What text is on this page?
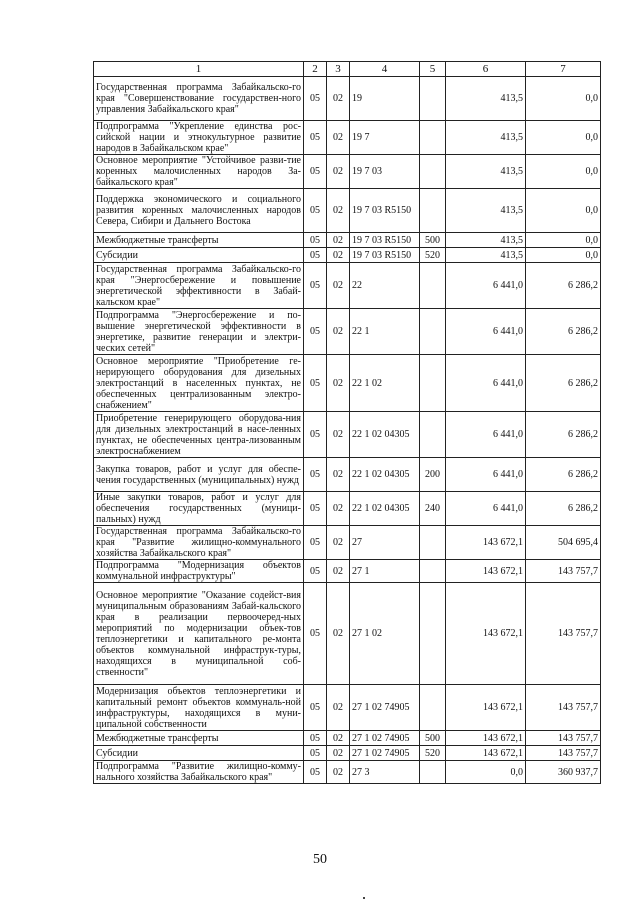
1	2	3	4	5	6	7
Государственная программа Забайкальско-го края "Совершенствование государствен-ного управления Забайкальского края"	05	02	19		413,5	0,0
Подпрограмма "Укрепление единства рос-сийской нации и этнокультурное развитие народов в Забайкальском крае"	05	02	19 7		413,5	0,0
Основное мероприятие "Устойчивое разви-тие коренных малочисленных народов За-байкальского края"	05	02	19 7 03		413,5	0,0
Поддержка экономического и социального развития коренных малочисленных народов Севера, Сибири и Дальнего Востока	05	02	19 7 03 R5150		413,5	0,0
Межбюджетные трансферты	05	02	19 7 03 R5150	500	413,5	0,0
Субсидии	05	02	19 7 03 R5150	520	413,5	0,0
Государственная программа Забайкальско-го края "Энергосбережение и повышение энергетической эффективности в Забай-кальском крае"	05	02	22		6 441,0	6 286,2
Подпрограмма "Энергосбережение и по-вышение энергетической эффективности в энергетике, развитие генерации и электри-ческих сетей"	05	02	22 1		6 441,0	6 286,2
Основное мероприятие "Приобретение ге-нерирующего оборудования для дизельных электростанций в населенных пунктах, не обеспеченных централизованным электро-снабжением"	05	02	22 1 02		6 441,0	6 286,2
Приобретение генерирующего оборудова-ния для дизельных электростанций в насе-ленных пунктах, не обеспеченных центра-лизованным электроснабжением	05	02	22 1 02 04305		6 441,0	6 286,2
Закупка товаров, работ и услуг для обеспе-чения государственных (муниципальных) нужд	05	02	22 1 02 04305	200	6 441,0	6 286,2
Иные закупки товаров, работ и услуг для обеспечения государственных (муници-пальных) нужд	05	02	22 1 02 04305	240	6 441,0	6 286,2
Государственная программа Забайкальско-го края "Развитие жилищно-коммунального хозяйства Забайкальского края"	05	02	27		143 672,1	504 695,4
Подпрограмма "Модернизация объектов коммунальной инфраструктуры"	05	02	27 1		143 672,1	143 757,7
Основное мероприятие "Оказание содейст-вия муниципальным образованиям Забай-кальского края в реализации первоочеред-ных мероприятий по модернизации объек-тов теплоэнергетики и капитального ре-монта объектов коммунальной инфраструк-туры, находящихся в муниципальной соб-ственности"	05	02	27 1 02		143 672,1	143 757,7
Модернизация объектов теплоэнергетики и капитальный ремонт объектов коммуналь-ной инфраструктуры, находящихся в муни-ципальной собственности	05	02	27 1 02 74905		143 672,1	143 757,7
Межбюджетные трансферты	05	02	27 1 02 74905	500	143 672,1	143 757,7
Субсидии	05	02	27 1 02 74905	520	143 672,1	143 757,7
Подпрограмма "Развитие жилищно-комму-нального хозяйства Забайкальского края"	05	02	27 3		0,0	360 937,7
50
